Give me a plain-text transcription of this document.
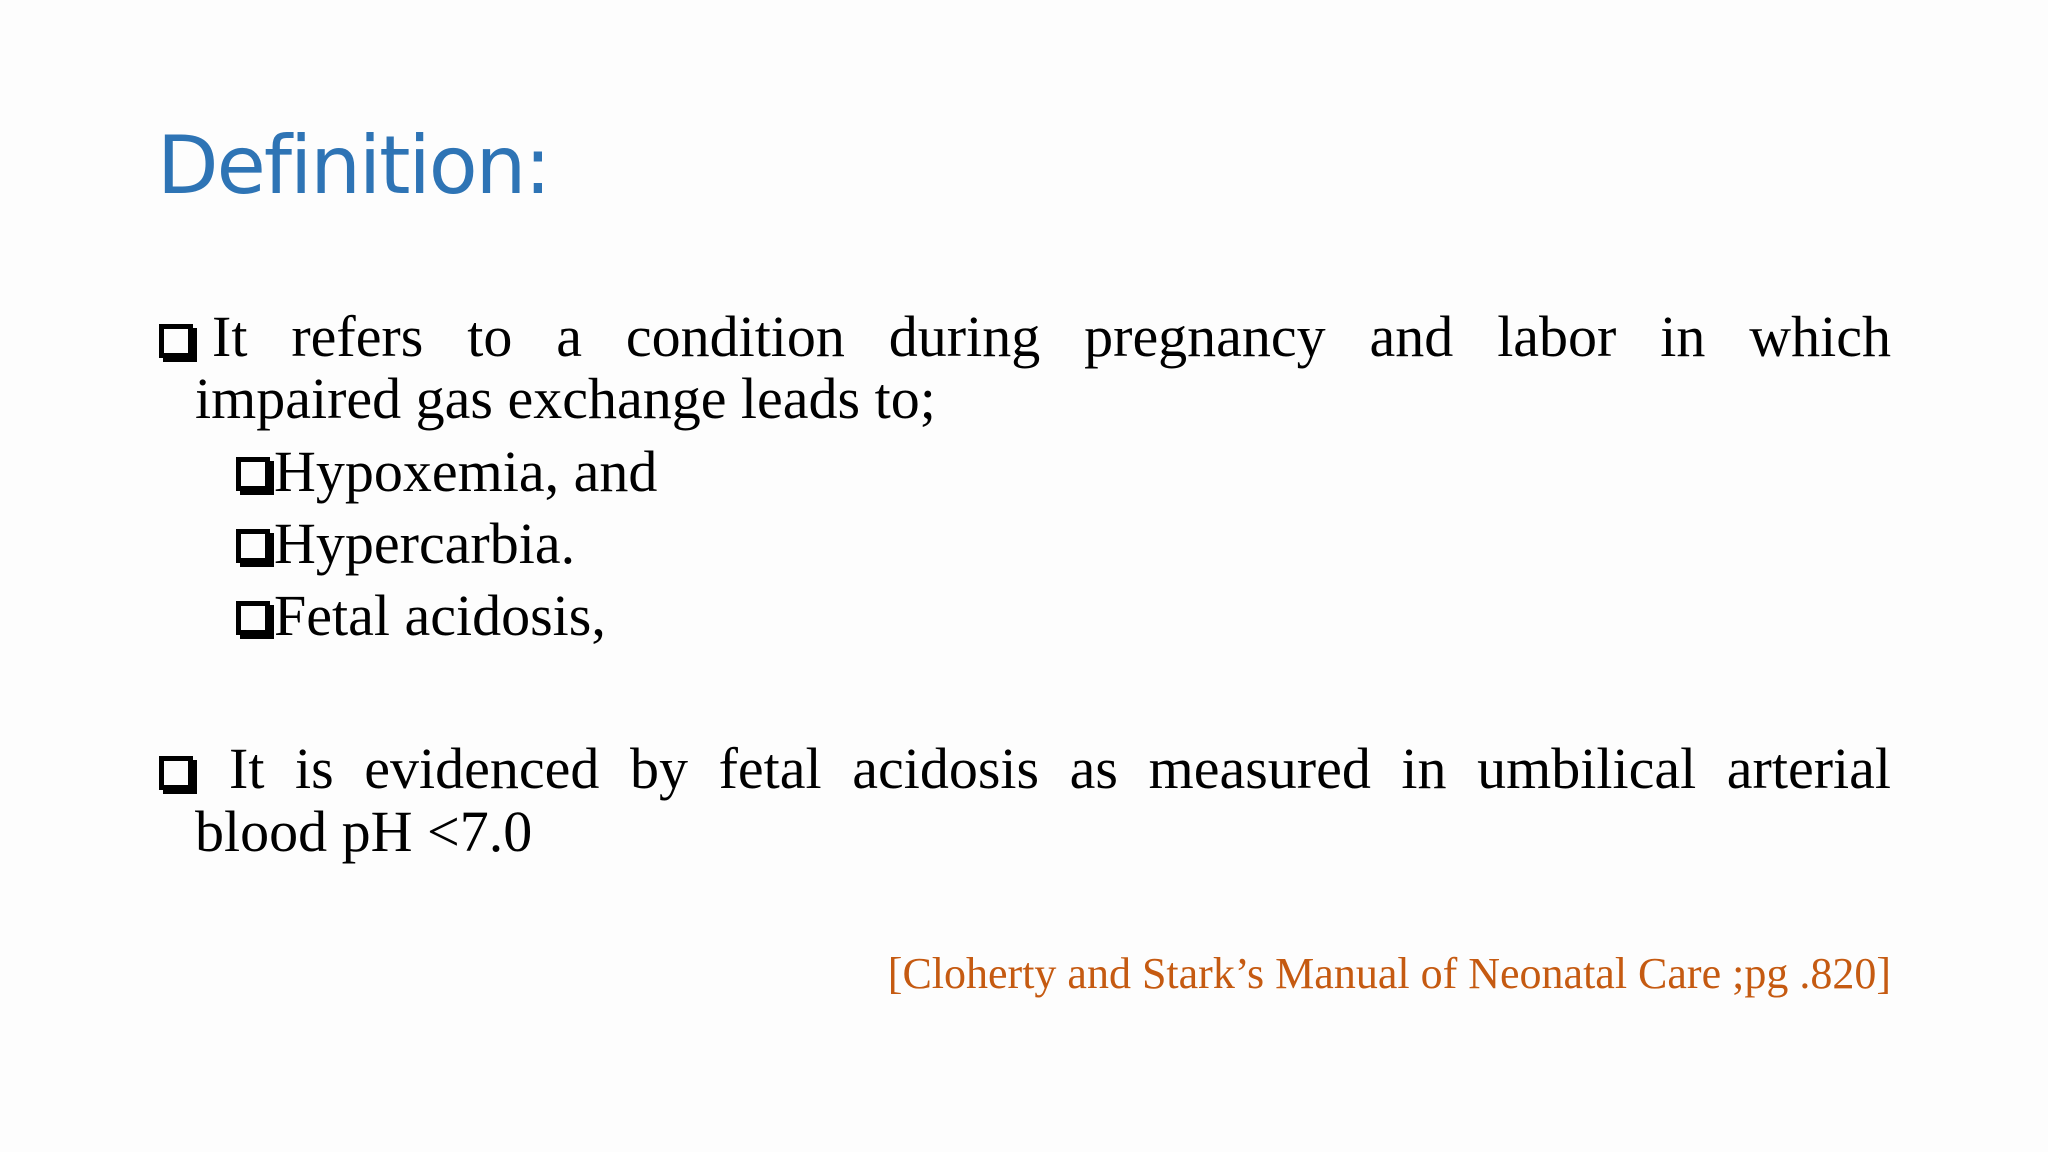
Definition:
It refers to a condition during pregnancy and labor in which
impaired gas exchange leads to;
Hypoxemia, and
Hypercarbia.
Fetal acidosis,
It is evidenced by fetal acidosis as measured in umbilical arterial
blood pH <7.0
[Cloherty and Stark’s Manual of Neonatal Care ;pg .820]
